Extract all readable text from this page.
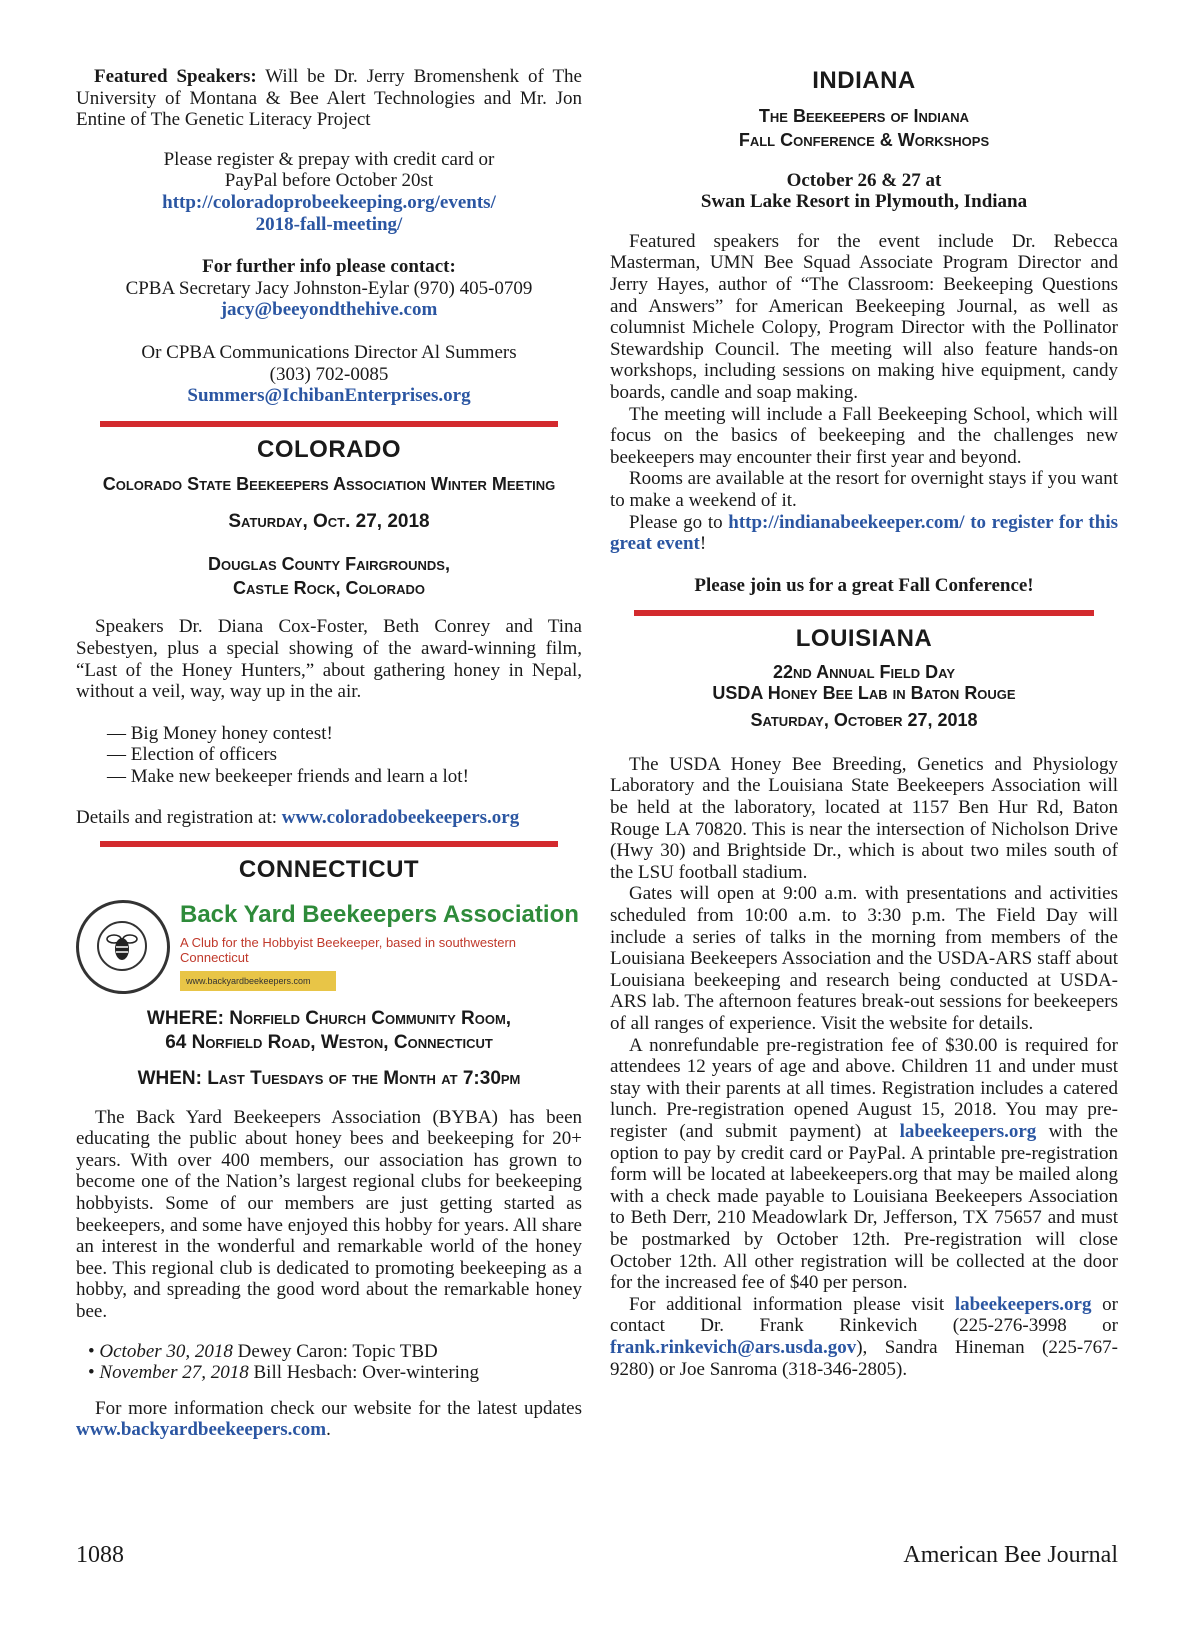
Featured Speakers: Will be Dr. Jerry Bromenshenk of The University of Montana & Bee Alert Technologies and Mr. Jon Entine of The Genetic Literacy Project

Please register & prepay with credit card or

PayPal before October 20st

http://coloradoprobeekeeping.org/events/

2018-fall-meeting/

For further info please contact:

CPBA Secretary Jacy Johnston-Eylar (970) 405-0709

jacy@beeyondthehive.com

Or CPBA Communications Director Al Summers

(303) 702-0085

Summers@IchibanEnterprises.org

COLORADO

Colorado State Beekeepers Association Winter Meeting

Saturday, Oct. 27, 2018

Douglas County Fairgrounds,

Castle Rock, Colorado

Speakers Dr. Diana Cox-Foster, Beth Conrey and Tina Sebestyen, plus a special showing of the award-winning film, “Last of the Honey Hunters,” about gathering honey in Nepal, without a veil, way, way up in the air.

— Big Money honey contest!
— Election of officers
— Make new beekeeper friends and learn a lot!

Details and registration at: www.coloradobeekeepers.org

CONNECTICUT

Back Yard Beekeepers Association
A Club for the Hobbyist Beekeeper, based in southwestern Connecticut
www.backyardbeekeepers.com

WHERE: Norfield Church Community Room,

64 Norfield Road, Weston, Connecticut

WHEN: Last Tuesdays of the Month at 7:30pm

The Back Yard Beekeepers Association (BYBA) has been educating the public about honey bees and beekeeping for 20+ years. With over 400 members, our association has grown to become one of the Nation’s largest regional clubs for beekeeping hobbyists. Some of our members are just getting started as beekeepers, and some have enjoyed this hobby for years. All share an interest in the wonderful and remarkable world of the honey bee. This regional club is dedicated to promoting beekeeping as a hobby, and spreading the good word about the remarkable honey bee.

• October 30, 2018 Dewey Caron: Topic TBD
• November 27, 2018 Bill Hesbach: Over-wintering

For more information check our website for the latest updates www.backyardbeekeepers.com.

INDIANA

The Beekeepers of Indiana

Fall Conference & Workshops

October 26 & 27 at

Swan Lake Resort in Plymouth, Indiana

Featured speakers for the event include Dr. Rebecca Masterman, UMN Bee Squad Associate Program Director and Jerry Hayes, author of “The Classroom: Beekeeping Questions and Answers” for American Beekeeping Journal, as well as columnist Michele Colopy, Program Director with the Pollinator Stewardship Council. The meeting will also feature hands-on workshops, including sessions on making hive equipment, candy boards, candle and soap making.

The meeting will include a Fall Beekeeping School, which will focus on the basics of beekeeping and the challenges new beekeepers may encounter their first year and beyond.

Rooms are available at the resort for overnight stays if you want to make a weekend of it.

Please go to http://indianabeekeeper.com/ to register for this great event!

Please join us for a great Fall Conference!

LOUISIANA

22nd Annual Field Day

USDA Honey Bee Lab in Baton Rouge

Saturday, October 27, 2018

The USDA Honey Bee Breeding, Genetics and Physiology Laboratory and the Louisiana State Beekeepers Association will be held at the laboratory, located at 1157 Ben Hur Rd, Baton Rouge LA 70820. This is near the intersection of Nicholson Drive (Hwy 30) and Brightside Dr., which is about two miles south of the LSU football stadium.

Gates will open at 9:00 a.m. with presentations and activities scheduled from 10:00 a.m. to 3:30 p.m. The Field Day will include a series of talks in the morning from members of the Louisiana Beekeepers Association and the USDA-ARS staff about Louisiana beekeeping and research being conducted at USDA-ARS lab. The afternoon features break-out sessions for beekeepers of all ranges of experience. Visit the website for details.

A nonrefundable pre-registration fee of $30.00 is required for attendees 12 years of age and above. Children 11 and under must stay with their parents at all times. Registration includes a catered lunch. Pre-registration opened August 15, 2018. You may pre-register (and submit payment) at labeekeepers.org with the option to pay by credit card or PayPal. A printable pre-registration form will be located at labeekeepers.org that may be mailed along with a check made payable to Louisiana Beekeepers Association to Beth Derr, 210 Meadowlark Dr, Jefferson, TX 75657 and must be postmarked by October 12th. Pre-registration will close October 12th. All other registration will be collected at the door for the increased fee of $40 per person.

For additional information please visit labeekeepers.org or contact Dr. Frank Rinkevich (225-276-3998 or frank.rinkevich@ars.usda.gov), Sandra Hineman (225-767-9280) or Joe Sanroma (318-346-2805).

1088	American Bee Journal
